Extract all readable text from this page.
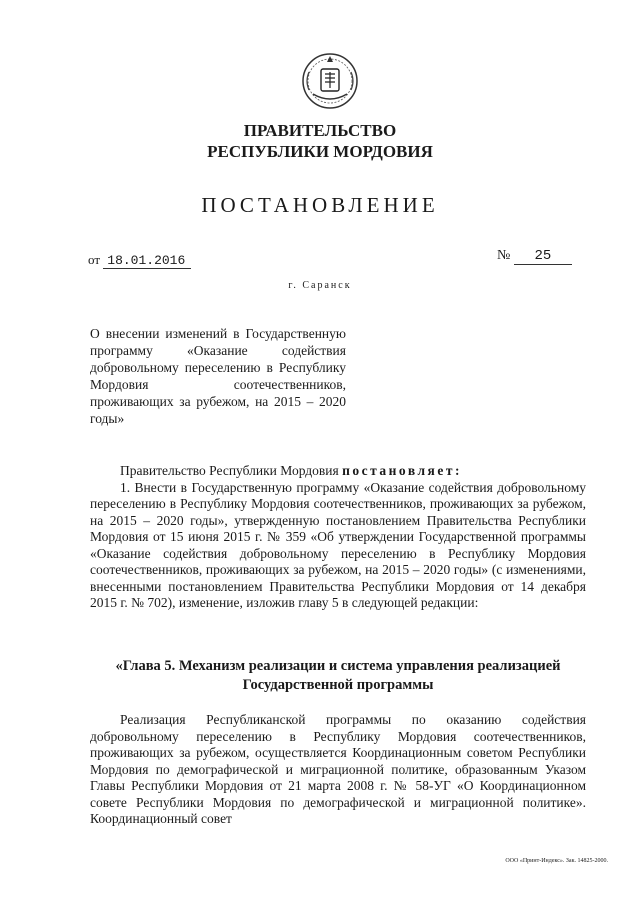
ПРАВИТЕЛЬСТВО
РЕСПУБЛИКИ МОРДОВИЯ
ПОСТАНОВЛЕНИЕ
от 18.01.2016	№ 25
г. Саранск
О внесении изменений в Государственную программу «Оказание содействия добровольному переселению в Республику Мордовия соотечественников, проживающих за рубежом, на 2015 – 2020 годы»

Правительство Республики Мордовия постановляет:

1. Внести в Государственную программу «Оказание содействия добровольному переселению в Республику Мордовия соотечественников, проживающих за рубежом, на 2015 – 2020 годы», утвержденную постановлением Правительства Республики Мордовия от 15 июня 2015 г. № 359 «Об утверждении Государственной программы «Оказание содействия добровольному переселению в Республику Мордовия соотечественников, проживающих за рубежом, на 2015 – 2020 годы» (с изменениями, внесенными постановлением Правительства Республики Мордовия от 14 декабря 2015 г. № 702), изменение, изложив главу 5 в следующей редакции:

«Глава 5. Механизм реализации и система управления реализацией
Государственной программы

Реализация Республиканской программы по оказанию содействия добровольному переселению в Республику Мордовия соотечественников, проживающих за рубежом, осуществляется Координационным советом Республики Мордовия по демографической и миграционной политике, образованным Указом Главы Республики Мордовия от 21 марта 2008 г. № 58-УГ «О Координационном совете Республики Мордовия по демографической и миграционной политике». Координационный совет

ООО «Принт-Индекс». Зак. 14825-2000.
